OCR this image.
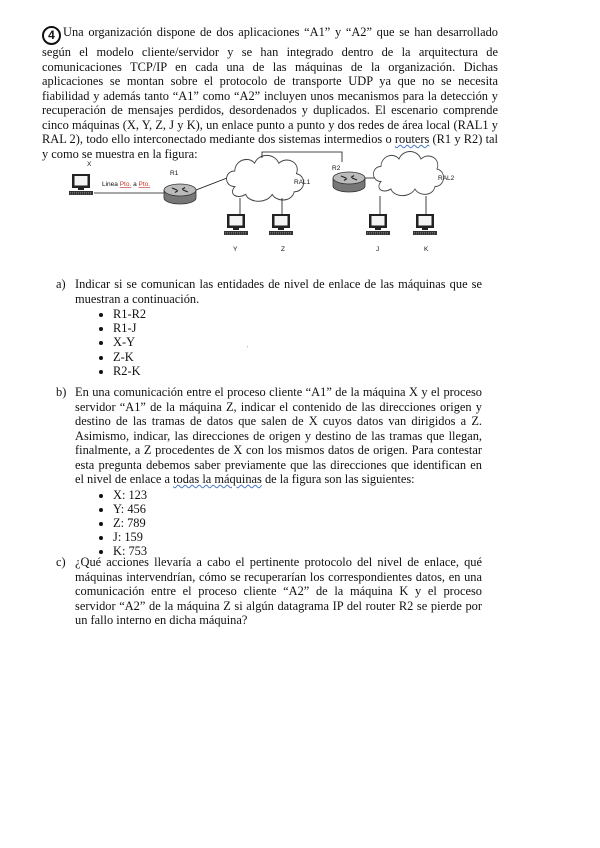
4 Una organización dispone de dos aplicaciones “A1” y “A2” que se han desarrollado según el modelo cliente/servidor y se han integrado dentro de la arquitectura de comunicaciones TCP/IP en cada una de las máquinas de la organización. Dichas aplicaciones se montan sobre el protocolo de transporte UDP ya que no se necesita fiabilidad y además tanto “A1” como “A2” incluyen unos mecanismos para la detección y recuperación de mensajes perdidos, desordenados y duplicados. El escenario comprende cinco máquinas (X, Y, Z, J y K), un enlace punto a punto y dos redes de área local (RAL1 y RAL 2), todo ello interconectado mediante dos sistemas intermedios o routers (R1 y R2) tal y como se muestra en la figura:

X
Linea Pto. a Pto.
R1
RAL1
R2
RAL2
Y	Z	J	K
a) Indicar si se comunican las entidades de nivel de enlace de las máquinas que se muestran a continuación.
• R1-R2
• R1-J
• X-Y
• Z-K
• R2-K
᾽
b) En una comunicación entre el proceso cliente “A1” de la máquina X y el proceso servidor “A1” de la máquina Z, indicar el contenido de las direcciones origen y destino de las tramas de datos que salen de X cuyos datos van dirigidos a Z. Asimismo, indicar, las direcciones de origen y destino de las tramas que llegan, finalmente, a Z procedentes de X con los mismos datos de origen. Para contestar esta pregunta debemos saber previamente que las direcciones que identifican en el nivel de enlace a todas la máquinas de la figura son las siguientes:
• X: 123
• Y: 456
• Z: 789
• J: 159
• K: 753
c) ¿Qué acciones llevaría a cabo el pertinente protocolo del nivel de enlace, qué máquinas intervendrían, cómo se recuperarían los correspondientes datos, en una comunicación entre el proceso cliente “A2” de la máquina K y el proceso servidor “A2” de la máquina Z si algún datagrama IP del router R2 se pierde por un fallo interno en dicha máquina?
